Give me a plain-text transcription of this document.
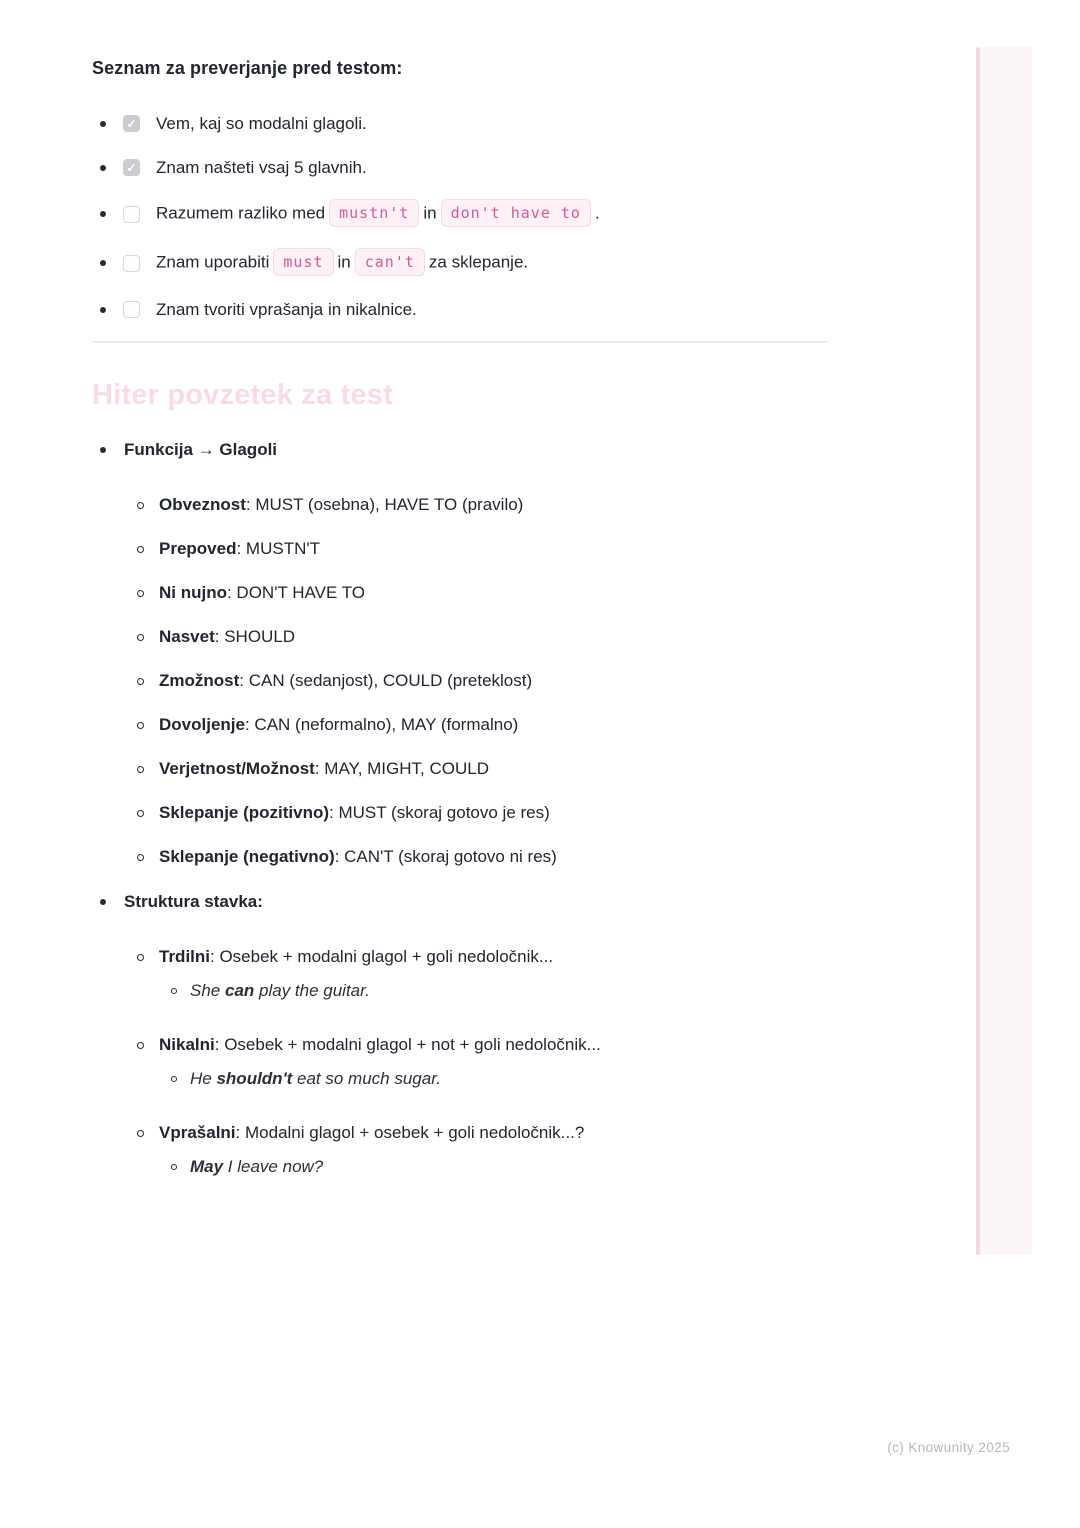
Seznam za preverjanje pred testom:
✓ Vem, kaj so modalni glagoli.
✓ Znam našteti vsaj 5 glavnih.
Razumem razliko med mustn't in don't have to .
Znam uporabiti must in can't za sklepanje.
Znam tvoriti vprašanja in nikalnice.
Hiter povzetek za test
Funkcija → Glagoli
Obveznost: MUST (osebna), HAVE TO (pravilo)
Prepoved: MUSTN'T
Ni nujno: DON'T HAVE TO
Nasvet: SHOULD
Zmožnost: CAN (sedanjost), COULD (preteklost)
Dovoljenje: CAN (neformalno), MAY (formalno)
Verjetnost/Možnost: MAY, MIGHT, COULD
Sklepanje (pozitivno): MUST (skoraj gotovo je res)
Sklepanje (negativno): CAN'T (skoraj gotovo ni res)
Struktura stavka:
Trdilni: Osebek + modalni glagol + goli nedoločnik...
She can play the guitar.
Nikalni: Osebek + modalni glagol + not + goli nedoločnik...
He shouldn't eat so much sugar.
Vprašalni: Modalni glagol + osebek + goli nedoločnik...?
May I leave now?
(c) Knowunity 2025
